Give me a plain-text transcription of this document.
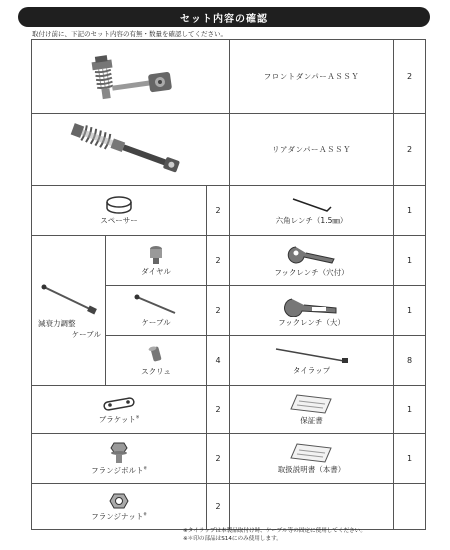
セット内容の確認
取付け前に、下記のセット内容の有無・数量を確認してください。
	フロントダンパーＡＳＳＹ	2

	リアダンパーＡＳＳＹ	2

スペーサー		2	六角レンチ（1.5㎜）	1

減衰力調整
ケーブル	ダイヤル	2	フックレンチ（穴付）	1

	ケーブル	2	フックレンチ（大）	1

	スクリュ	4	タイラップ	8

ブラケット※		2	保証書	1

フランジボルト※		2	取扱説明書（本書）	1

フランジナット※		2		
※タイラップは本製品取付け時、ケーブル等の固定に使用してください。
※＊印の部品はS14にのみ使用します。
